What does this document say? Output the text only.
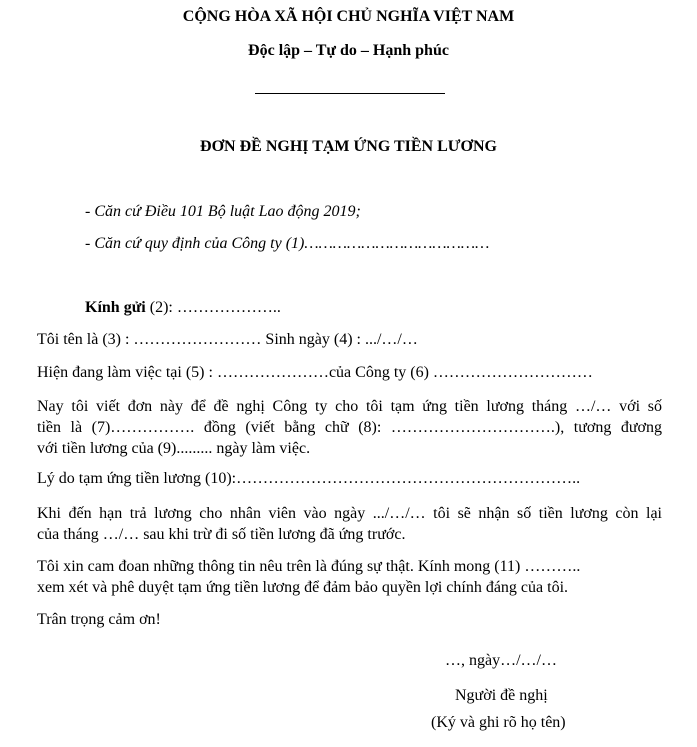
CỘNG HÒA XÃ HỘI CHỦ NGHĨA VIỆT NAM
Độc lập – Tự do – Hạnh phúc
ĐƠN ĐỀ NGHỊ TẠM ỨNG TIỀN LƯƠNG
- Căn cứ Điều 101 Bộ luật Lao động 2019;
- Căn cứ quy định của Công ty (1)…………………………………
Kính gửi (2): ………………..
Tôi tên là (3) : …………………… Sinh ngày (4) : .../…/…
Hiện đang làm việc tại (5) : …………………của Công ty (6) …………………………
Nay tôi viết đơn này để đề nghị Công ty cho tôi tạm ứng tiền lương tháng …/… với số
tiền là (7)……………. đồng (viết bằng chữ (8): ………………………….), tương đương
với tiền lương của (9)......... ngày làm việc.
Lý do tạm ứng tiền lương (10):………………………………………………………..
Khi đến hạn trả lương cho nhân viên vào ngày .../…/… tôi sẽ nhận số tiền lương còn lại
của tháng …/… sau khi trừ đi số tiền lương đã ứng trước.
Tôi xin cam đoan những thông tin nêu trên là đúng sự thật. Kính mong (11) ………..
xem xét và phê duyệt tạm ứng tiền lương để đảm bảo quyền lợi chính đáng của tôi.
Trân trọng cảm ơn!
…, ngày…/…/…
Người đề nghị
(Ký và ghi rõ họ tên)
